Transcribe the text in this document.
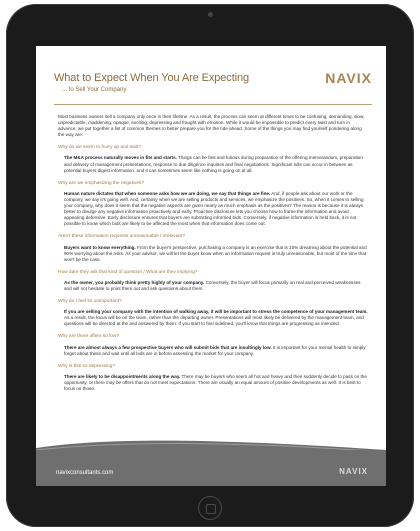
What to Expect When You Are Expecting
... to Sell Your Company
NAVIX

Most business owners sell a company only once in their lifetime. As a result, the process can seem at different times to be confusing, demanding, slow, unpredictable, maddening, opaque, exciting, depressing and fraught with emotion. While it would be impossible to predict every twist and turn in advance, we put together a list of common themes to better prepare you for the ride ahead. Some of the things you may find yourself pondering along the way are:

Why do we seem to hurry up and wait?

The M&A process naturally moves in fits and starts. Things can be fast and furious during preparation of the offering memorandum, preparation and delivery of management presentations, response to due diligence inquiries and final negotiations. Significant lulls can occur in between as potential buyers digest information, and it can sometimes seem like nothing is going on at all.

Why are we emphasizing the negatives?

Human nature dictates that when someone asks how we are doing, we say that things are fine. And, if people ask about our work or the company, we say it's going well. And, certainly when we are selling products and services, we emphasize the positives. So, when it comes to selling your company, why does it seem that the negative aspects are given nearly as much emphasis as the positives? The reason is because it is always better to divulge any negative information proactively and early. Proactive disclosure lets you choose how to frame the information and avoid appearing defensive. Early disclosure ensures that buyers are submitting informed bids. Conversely, if negative information is held back, it is not possible to know which bids are likely to be affected the most when that information does come out.

Aren't these information requests unreasonable / irrelevant?

Buyers want to know everything. From the buyer's perspective, purchasing a company is an exercise that is 10% dreaming about the potential and 90% worrying about the risks. As your advisor, we will let the buyer know when an information request is truly unreasonable, but most of the time that won't be the case.

How dare they ask that kind of question / What are they implying?

As the owner, you probably think pretty highly of your company. Conversely, the buyer will focus primarily on real and perceived weaknesses and will not hesitate to point them out and ask questions about them.

Why do I feel so unimportant?

If you are selling your company with the intention of walking away, it will be important to stress the competence of your management team. As a result, the focus will be on the team, rather than the departing owner. Presentations will most likely be delivered by the management team, and questions will be directed at the and answered by them. If you start to feel sidelined, you'll know that things are progressing as intended.

Why are there offers so low?

There are almost always a few prospective buyers who will submit bids that are insultingly low. It is important for your mental health to simply forget about these and wait until all bids are in before assessing the market for your company.

Why is this so depressing?

There are likely to be disappointments along the way. There may be buyers who seem all hot and heavy and then suddenly decide to pass on the opportunity, or there may be offers that do not meet expectations. There are usually an equal amount of positive developments as well. It is best to focus on those.

navixconsultants.com	NAVIX
